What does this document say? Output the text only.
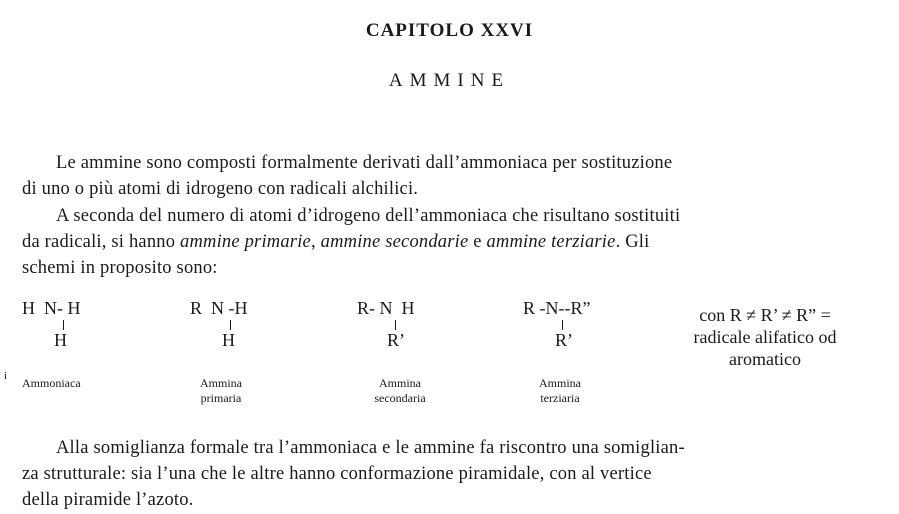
CAPITOLO XXVI
AMMINE
Le ammine sono composti formalmente derivati dall’ammoniaca per sostituzione
di uno o più atomi di idrogeno con radicali alchilici.
A seconda del numero di atomi d’idrogeno dell’ammoniaca che risultano sostituiti
da radicali, si hanno ammine primarie, ammine secondarie e ammine terziarie. Gli
schemi in proposito sono:
H  N- H
H
Ammoniaca
R  N -H
H
Ammina
primaria
R- N  H
R’
Ammina
secondaria
R -N--R”
R’
Ammina
terziaria
con R ≠ R’ ≠ R” =
radicale alifatico od
aromatico
i
Alla somiglianza formale tra l’ammoniaca e le ammine fa riscontro una somiglian-
za strutturale: sia l’una che le altre hanno conformazione piramidale, con al vertice
della piramide l’azoto.
